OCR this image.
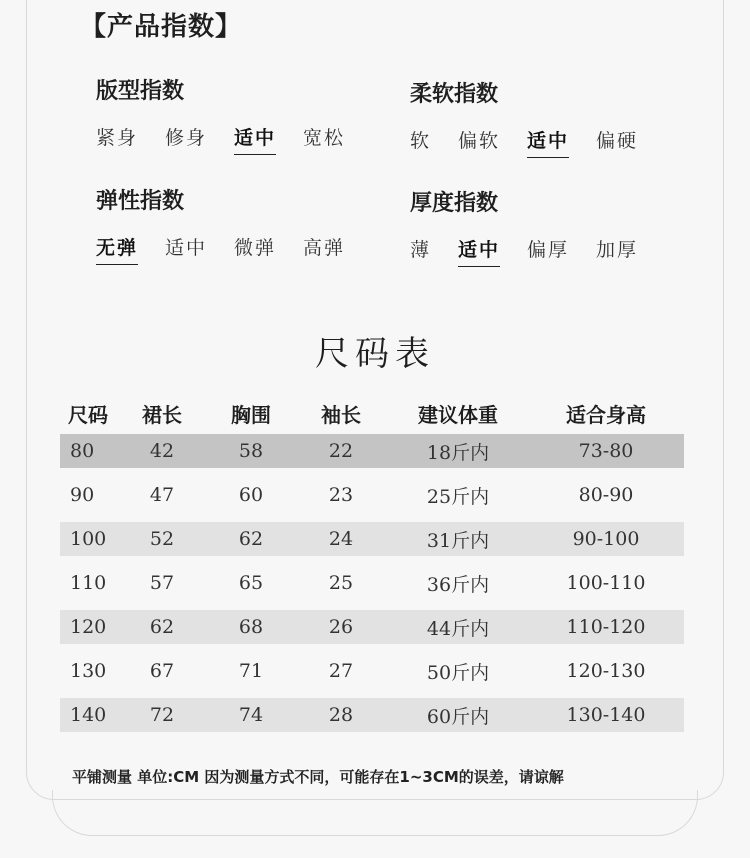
【产品指数】
版型指数
紧身 修身 适中 宽松
柔软指数
软 偏软 适中 偏硬
弹性指数
无弹 适中 微弹 高弹
厚度指数
薄 适中 偏厚 加厚
尺码表
尺码	裙长	胸围	袖长	建议体重	适合身高
80	42	58	22	18斤内	73-80

90	47	60	23	25斤内	80-90

100	52	62	24	31斤内	90-100

110	57	65	25	36斤内	100-110

120	62	68	26	44斤内	110-120

130	67	71	27	50斤内	120-130

140	72	74	28	60斤内	130-140
平铺测量 单位:CM 因为测量方式不同，可能存在1~3CM的误差，请谅解
